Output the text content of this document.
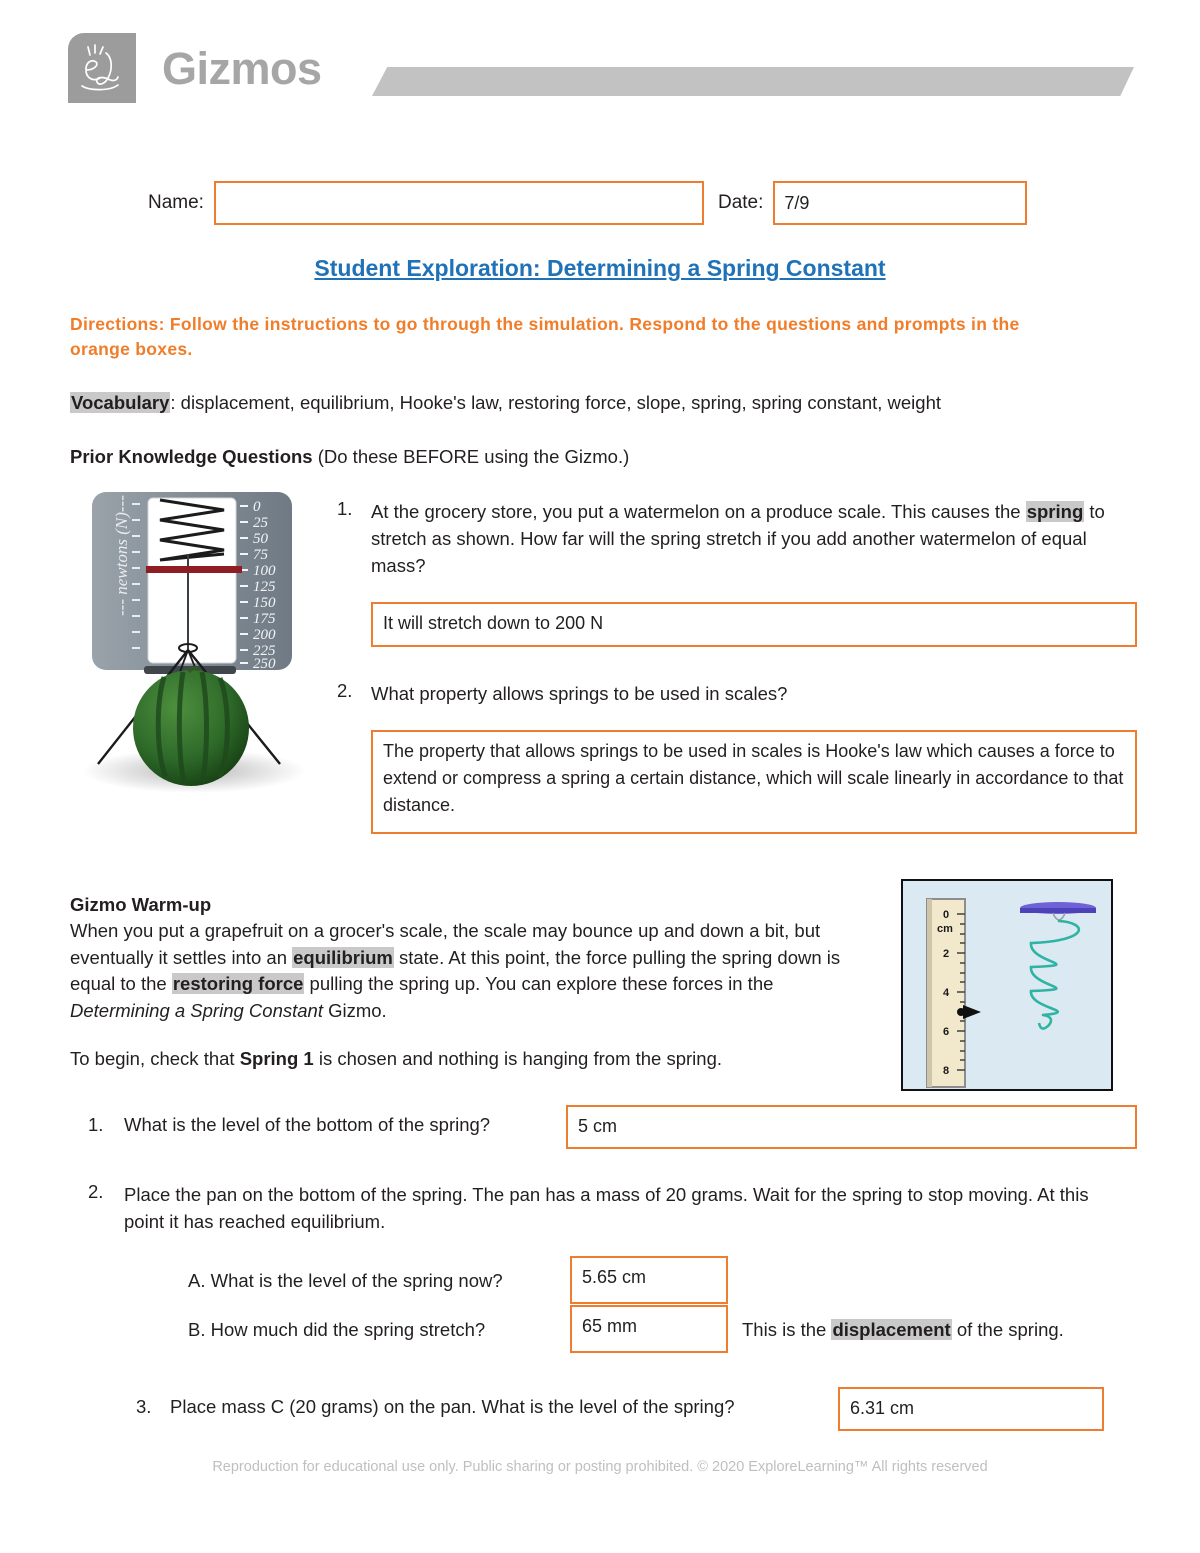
Gizmos
Name:	Date:	7/9
Student Exploration: Determining a Spring Constant
Directions: Follow the instructions to go through the simulation. Respond to the questions and prompts in the orange boxes.
Vocabulary: displacement, equilibrium, Hooke's law, restoring force, slope, spring, spring constant, weight
Prior Knowledge Questions (Do these BEFORE using the Gizmo.)
--- newtons (N)---	0
25
50
75
100
125
150
175
200
225
250
1. At the grocery store, you put a watermelon on a produce scale. This causes the spring to stretch as shown. How far will the spring stretch if you add another watermelon of equal mass?
It will stretch down to 200 N
2. What property allows springs to be used in scales?
The property that allows springs to be used in scales is Hooke's law which causes a force to extend or compress a spring a certain distance, which will scale linearly in accordance to that distance.
Gizmo Warm-up
When you put a grapefruit on a grocer's scale, the scale may bounce up and down a bit, but eventually it settles into an equilibrium state. At this point, the force pulling the spring down is equal to the restoring force pulling the spring up. You can explore these forces in the Determining a Spring Constant Gizmo.
To begin, check that Spring 1 is chosen and nothing is hanging from the spring.
0
cm
2
4
6
8
1. What is the level of the bottom of the spring?	5 cm
2. Place the pan on the bottom of the spring. The pan has a mass of 20 grams. Wait for the spring to stop moving. At this point it has reached equilibrium.
A. What is the level of the spring now?	5.65 cm
B. How much did the spring stretch?	65 mm	This is the displacement of the spring.
3. Place mass C (20 grams) on the pan. What is the level of the spring?	6.31 cm
Reproduction for educational use only. Public sharing or posting prohibited. © 2020 ExploreLearning™ All rights reserved
